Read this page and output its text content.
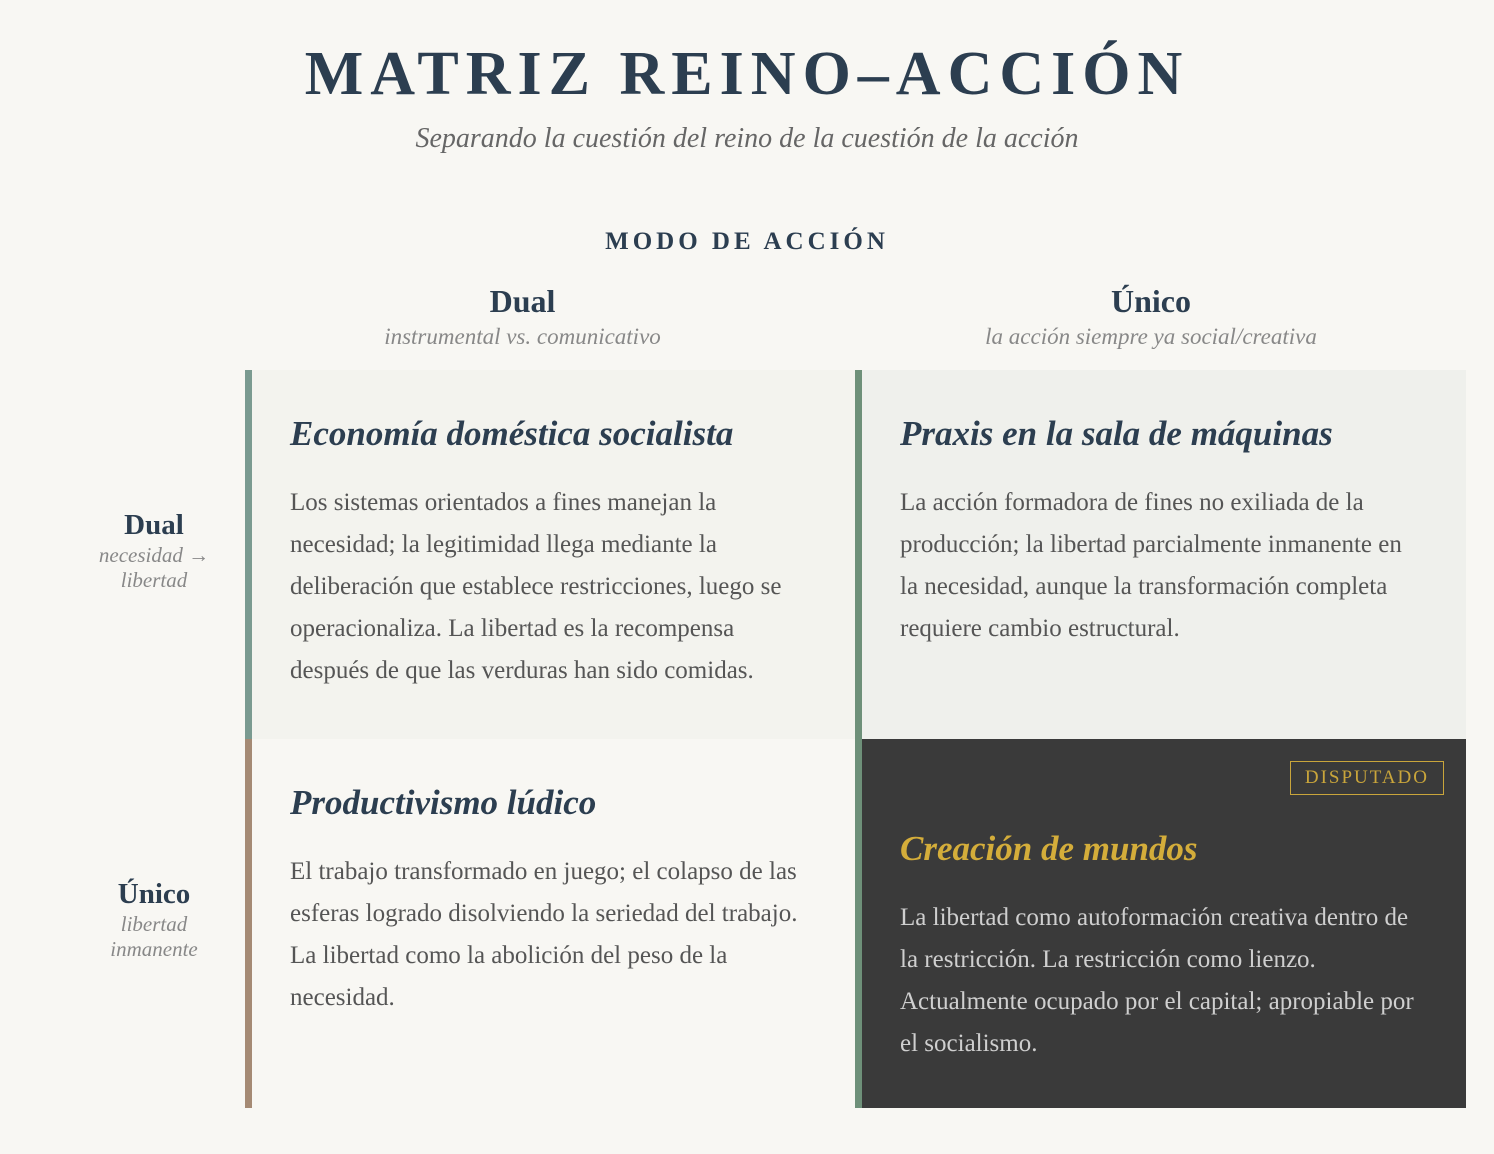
MATRIZ REINO–ACCIÓN
Separando la cuestión del reino de la cuestión de la acción
MODO DE ACCIÓN
Dual
instrumental vs. comunicativo
Único
la acción siempre ya social/creativa
Dual
necesidad →
libertad
Único
libertad
inmanente
Economía doméstica socialista

Los sistemas orientados a fines manejan la necesidad; la legitimidad llega mediante la deliberación que establece restricciones, luego se operacionaliza. La libertad es la recompensa después de que las verduras han sido comidas.

Praxis en la sala de máquinas

La acción formadora de fines no exiliada de la producción; la libertad parcialmente inmanente en la necesidad, aunque la transformación completa requiere cambio estructural.

Productivismo lúdico

El trabajo transformado en juego; el colapso de las esferas logrado disolviendo la seriedad del trabajo. La libertad como la abolición del peso de la necesidad.

DISPUTADO
Creación de mundos

La libertad como autoformación creativa dentro de la restricción. La restricción como lienzo. Actualmente ocupado por el capital; apropiable por el socialismo.
